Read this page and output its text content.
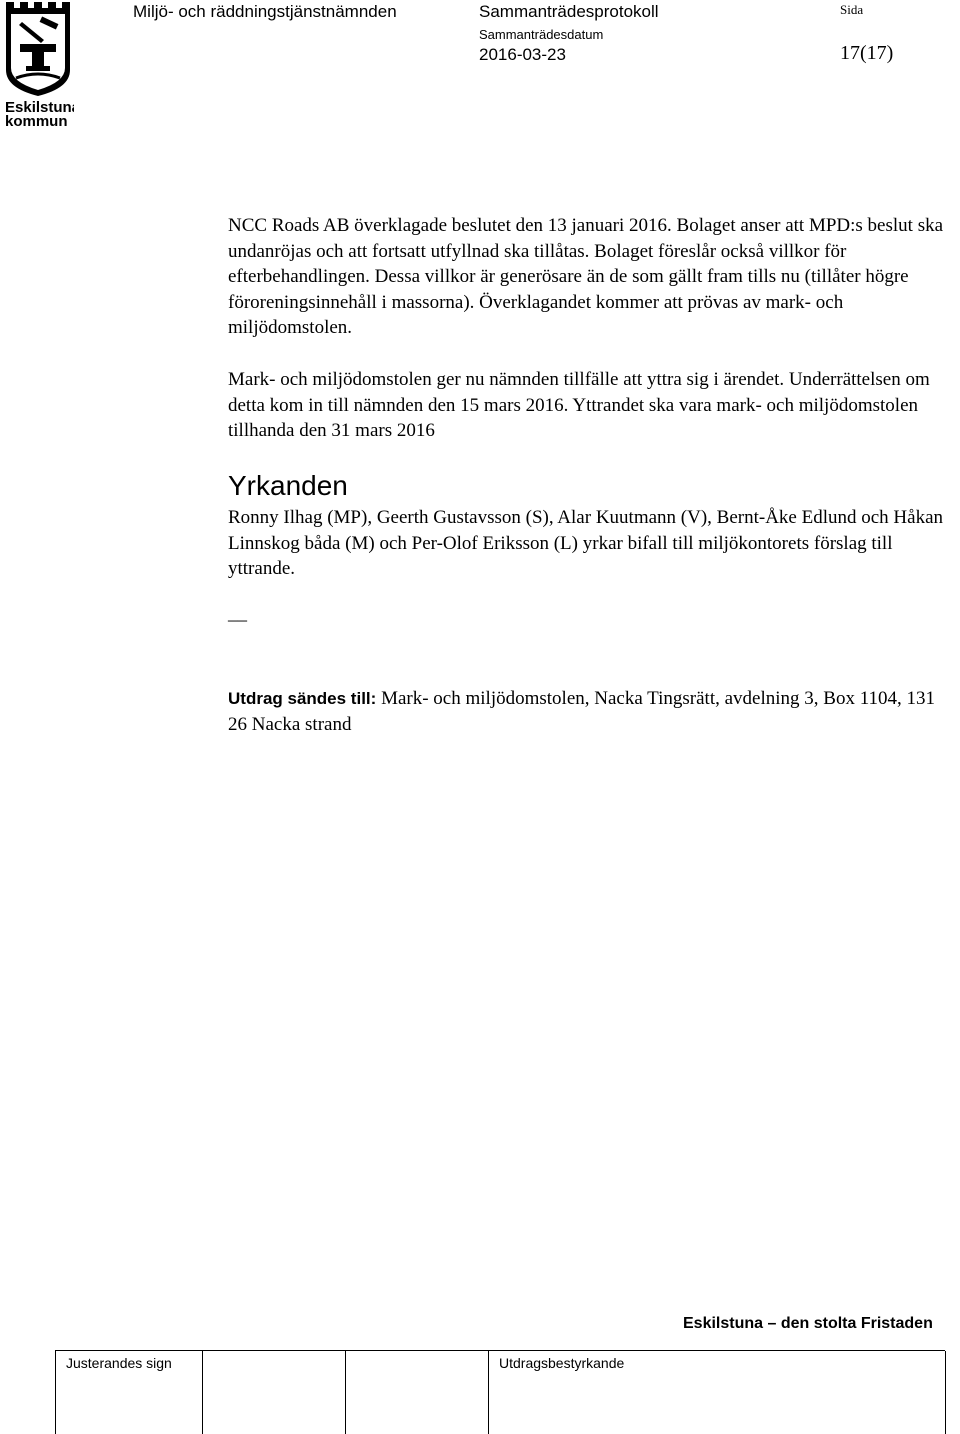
Eskilstuna
kommun
Miljö- och räddningstjänstnämnden	Sammanträdesprotokoll
Sammanträdesdatum
2016-03-23
Sida
17(17)

NCC Roads AB överklagade beslutet den 13 januari 2016. Bolaget anser att MPD:s beslut ska undanröjas och att fortsatt utfyllnad ska tillåtas. Bolaget föreslår också villkor för efterbehandlingen. Dessa villkor är generösare än de som gällt fram tills nu (tillåter högre föroreningsinnehåll i massorna). Överklagandet kommer att prövas av mark- och miljödomstolen.

Mark- och miljödomstolen ger nu nämnden tillfälle att yttra sig i ärendet. Underrättelsen om detta kom in till nämnden den 15 mars 2016. Yttrandet ska vara mark- och miljödomstolen tillhanda den 31 mars 2016

Yrkanden

Ronny Ilhag (MP), Geerth Gustavsson (S), Alar Kuutmann (V), Bernt-Åke Edlund och Håkan Linnskog båda (M) och Per-Olof Eriksson (L) yrkar bifall till miljökontorets förslag till yttrande.

__

Utdrag sändes till: Mark- och miljödomstolen, Nacka Tingsrätt, avdelning 3, Box 1104, 131 26 Nacka strand

Eskilstuna – den stolta Fristaden
Justerandes sign	Utdragsbestyrkande
